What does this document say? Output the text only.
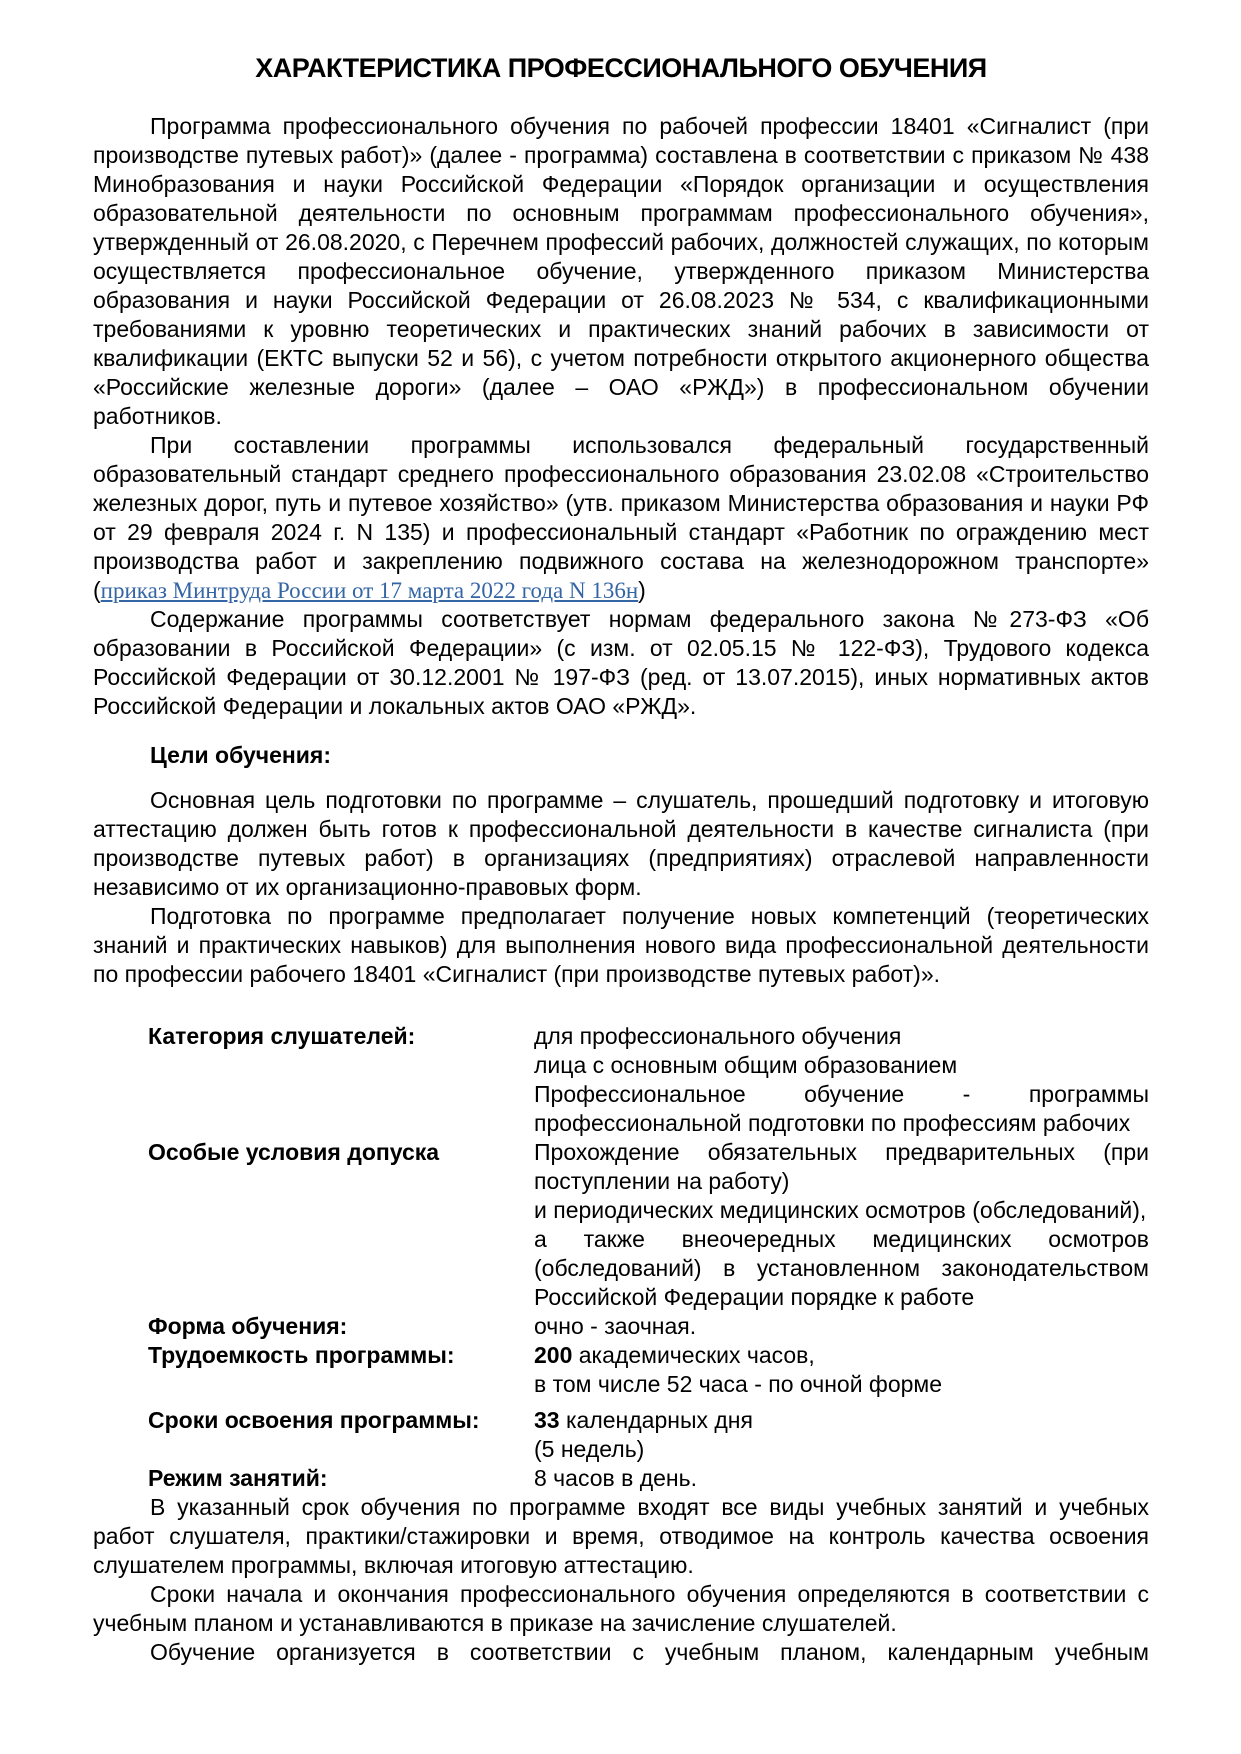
ХАРАКТЕРИСТИКА ПРОФЕССИОНАЛЬНОГО ОБУЧЕНИЯ

Программа профессионального обучения по рабочей профессии 18401 «Сигналист (при производстве путевых работ)» (далее - программа) составлена в соответствии с приказом № 438 Минобразования и науки Российской Федерации «Порядок организации и осуществления образовательной деятельности по основным программам профессионального обучения», утвержденный от 26.08.2020, с Перечнем профессий рабочих, должностей служащих, по которым осуществляется профессиональное обучение, утвержденного приказом Министерства образования и науки Российской Федерации от 26.08.2023 № 534, с квалификационными требованиями к уровню теоретических и практических знаний рабочих в зависимости от квалификации (ЕКТС выпуски 52 и 56), с учетом потребности открытого акционерного общества «Российские железные дороги» (далее – ОАО «РЖД») в профессиональном обучении работников.

При составлении программы использовался федеральный государственный образовательный стандарт среднего профессионального образования 23.02.08 «Строительство железных дорог, путь и путевое хозяйство» (утв. приказом Министерства образования и науки РФ от 29 февраля 2024 г. N 135) и профессиональный стандарт «Работник по ограждению мест производства работ и закреплению подвижного состава на железнодорожном транспорте» (приказ Минтруда России от 17 марта 2022 года N 136н)

Содержание программы соответствует нормам федерального закона №273-ФЗ «Об образовании в Российской Федерации» (с изм. от 02.05.15 № 122-ФЗ), Трудового кодекса Российской Федерации от 30.12.2001 № 197-ФЗ (ред. от 13.07.2015), иных нормативных актов Российской Федерации и локальных актов ОАО «РЖД».

Цели обучения:

Основная цель подготовки по программе – слушатель, прошедший подготовку и итоговую аттестацию должен быть готов к профессиональной деятельности в качестве сигналиста (при производстве путевых работ) в организациях (предприятиях) отраслевой направленности независимо от их организационно-правовых форм.

Подготовка по программе предполагает получение новых компетенций (теоретических знаний и практических навыков) для выполнения нового вида профессиональной деятельности по профессии рабочего 18401 «Сигналист (при производстве путевых работ)».

Категория слушателей:	для профессионального обучения
лица с основным общим образованием
Профессиональное обучение - программы
профессиональной подготовки по профессиям рабочих
Особые условия допуска	Прохождение обязательных предварительных (при
поступлении на работу)
и периодических медицинских осмотров (обследований),
а также внеочередных медицинских осмотров
(обследований) в установленном законодательством
Российской Федерации порядке к работе
Форма обучения:	очно - заочная.
Трудоемкость программы:	200 академических часов,
в том числе 52 часа - по очной форме
Сроки освоения программы:	33 календарных дня
(5 недель)
Режим занятий:	8 часов в день.

В указанный срок обучения по программе входят все виды учебных занятий и учебных работ слушателя, практики/стажировки и время, отводимое на контроль качества освоения слушателем программы, включая итоговую аттестацию.

Сроки начала и окончания профессионального обучения определяются в соответствии с учебным планом и устанавливаются в приказе на зачисление слушателей.

Обучение организуется в соответствии с учебным планом, календарным учебным
